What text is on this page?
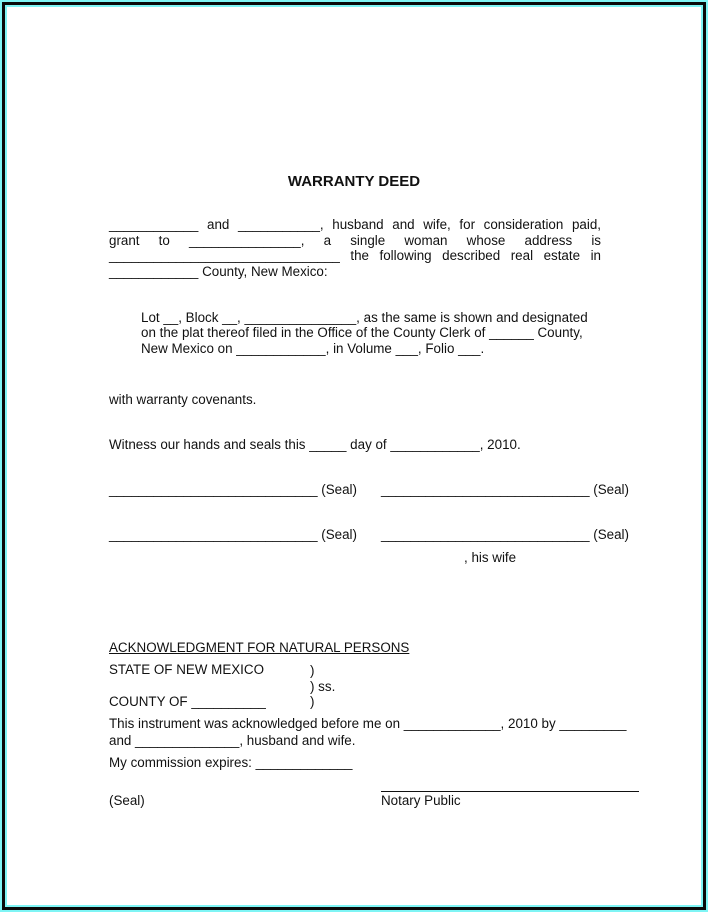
WARRANTY DEED
____________ and ___________, husband and wife, for consideration paid,
grant to _______________, a single woman whose address is
_______________________________ the following described real estate in
____________ County, New Mexico:
Lot __, Block __, _______________, as the same is shown and designated
on the plat thereof filed in the Office of the County Clerk of ______ County,
New Mexico on ____________, in Volume ___, Folio ___.
with warranty covenants.
Witness our hands and seals this _____ day of ____________, 2010.
____________________________ (Seal) ____________________________ (Seal)
____________________________ (Seal) ____________________________ (Seal)
, his wife
ACKNOWLEDGMENT FOR NATURAL PERSONS
STATE OF NEW MEXICO	)
) ss.
COUNTY OF __________	)
This instrument was acknowledged before me on _____________, 2010 by _________
and ______________, husband and wife.
My commission expires: _____________
(Seal)	Notary Public
